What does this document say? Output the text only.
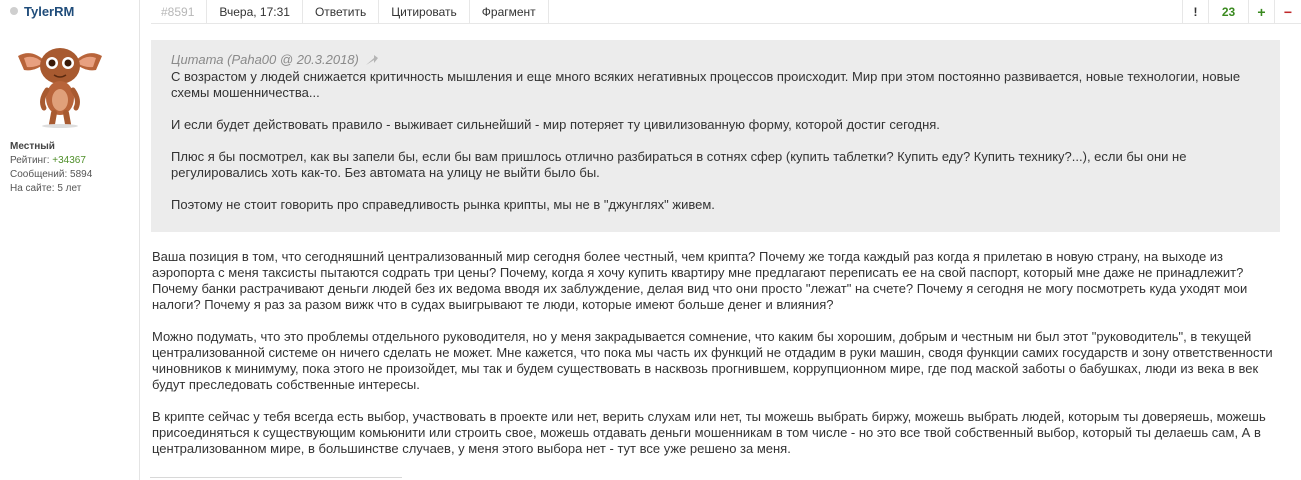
TylerRM
Местный
Рейтинг: +34367
Сообщений: 5894
На сайте: 5 лет
#8591	Вчера, 17:31	Ответить	Цитировать	Фрагмент	!	23	+	−
Цитата (Paha00 @ 20.3.2018)

С возрастом у людей снижается критичность мышления и еще много всяких негативных процессов происходит. Мир при этом постоянно развивается, новые технологии, новые схемы мошенничества...

И если будет действовать правило - выживает сильнейший - мир потеряет ту цивилизованную форму, которой достиг сегодня.

Плюс я бы посмотрел, как вы запели бы, если бы вам пришлось отлично разбираться в сотнях сфер (купить таблетки? Купить еду? Купить технику?...), если бы они не регулировались хоть как-то. Без автомата на улицу не выйти было бы.

Поэтому не стоит говорить про справедливость рынка крипты, мы не в "джунглях" живем.

Ваша позиция в том, что сегодняшний централизованный мир сегодня более честный, чем крипта? Почему же тогда каждый раз когда я прилетаю в новую страну, на выходе из аэропорта с меня таксисты пытаются содрать три цены? Почему, когда я хочу купить квартиру мне предлагают переписать ее на свой паспорт, который мне даже не принадлежит? Почему банки растрачивают деньги людей без их ведома вводя их заблуждение, делая вид что они просто "лежат" на счете? Почему я сегодня не могу посмотреть куда уходят мои налоги? Почему я раз за разом вижк что в судах выигрывают те люди, которые имеют больше денег и влияния?

Можно подумать, что это проблемы отдельного руководителя, но у меня закрадывается сомнение, что каким бы хорошим, добрым и честным ни был этот "руководитель", в текущей централизованной системе он ничего сделать не может. Мне кажется, что пока мы часть их функций не отдадим в руки машин, сводя функции самих государств и зону ответственности чиновников к минимуму, пока этого не произойдет, мы так и будем существовать в насквозь прогнившем, коррупционном мире, где под маской заботы о бабушках, люди из века в век будут преследовать собственные интересы.

В крипте сейчас у тебя всегда есть выбор, участвовать в проекте или нет, верить слухам или нет, ты можешь выбрать биржу, можешь выбрать людей, которым ты доверяешь, можешь присоединяться к существующим комьюнити или строить свое, можешь отдавать деньги мошенникам в том числе - но это все твой собственный выбор, который ты делаешь сам, А в централизованном мире, в большинстве случаев, у меня этого выбора нет - тут все уже решено за меня.
